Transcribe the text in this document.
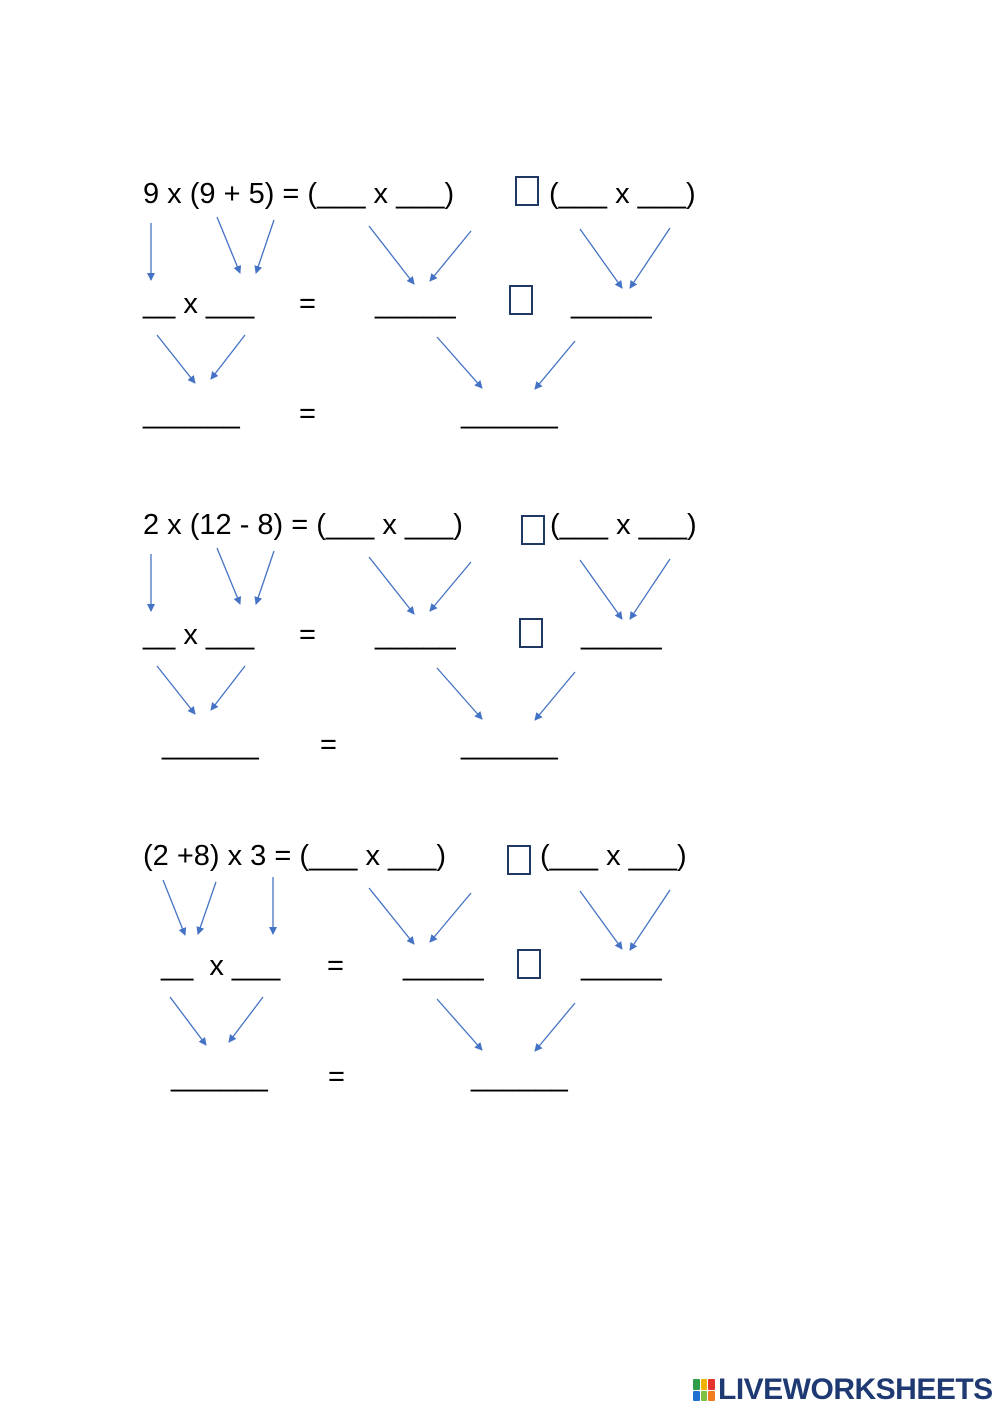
9 x (9 + 5) = (___ x ___)	(___ x ___)
__ x ___ = _____	_____
______ =	______
2 x (12 - 8) = (___ x ___)	(___ x ___)
__ x ___ = _____	_____
______ =	______
(2 +8) x 3 = (___ x ___)	(___ x ___)
__  x ___ = _____	_____
______ =	______
LIVEWORKSHEETS
